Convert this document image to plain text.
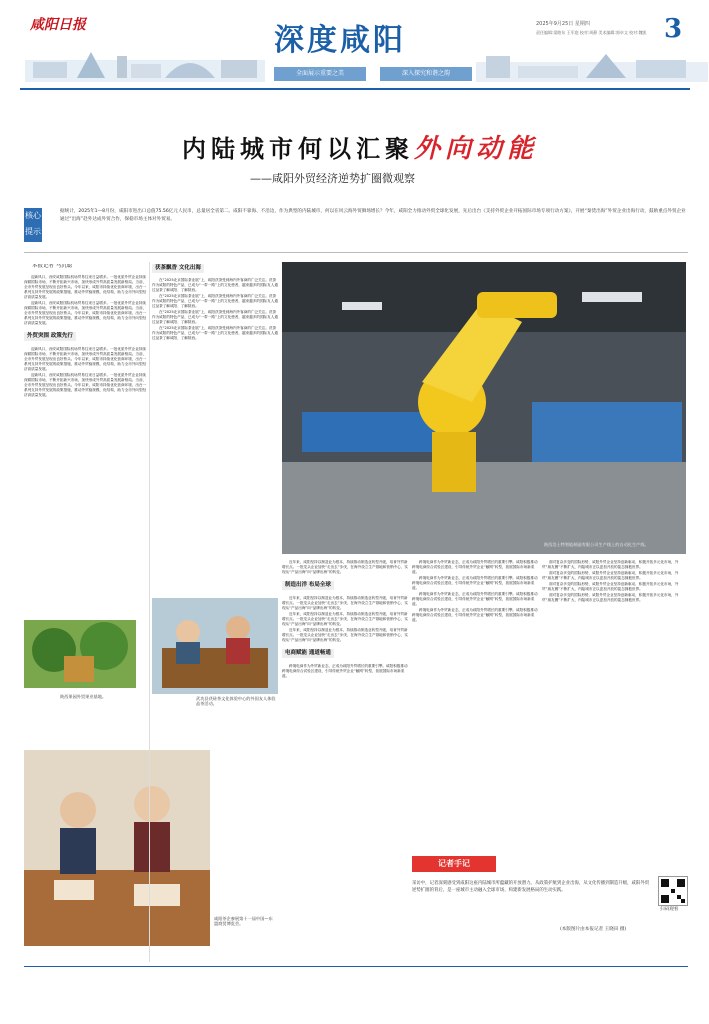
咸阳日报	2025年9月25日 星期四
责任编辑:梁皓东 王军庭 校对:周静 美术编辑:郭卓文 校对:魏凯 3
深度咸阳
全面展示重要之美	深入探究和谐之韵
内陆城市何以汇聚外向动能
——咸阳外贸经济逆势扩圈微观察
核心
提示
据统计，2025年1—8月份，咸阳市进出口总值75.56亿元人民币，总量居全省第二。咸阳不靠海、不沿边，作为典型的内陆城市，何以在风云海外贸舞场增长？今年，咸阳全力推动外贸全球化发展，先后出台《支持外贸企业开拓国际市场专项行动方案》，开展“秦货出海”外贸企业出海行动，鼓励重点外贸企业通过“出海”赴外达成外贸合作，保稳市场主体对外贸易。
本报记者 马沉聪

迎新风口，西安咸阳国际机场贸易往来日益增多。一批优质外贸企业持续深耕国际市场，不断开拓新兴市场，加快形成外贸高质量发展新格局。当前，全市外贸发展呈现出良好势头。今年以来，咸阳市持续优化营商环境，出台一系列支持外贸发展的政策措施，推动外贸稳规模、优结构，助力全市外向型经济高质量发展。

迎新风口，西安咸阳国际机场贸易往来日益增多。一批优质外贸企业持续深耕国际市场，不断开拓新兴市场，加快形成外贸高质量发展新格局。当前，全市外贸发展呈现出良好势头。今年以来，咸阳市持续优化营商环境，出台一系列支持外贸发展的政策措施，推动外贸稳规模、优结构，助力全市外向型经济高质量发展。

外贸突围 政策先行

迎新风口，西安咸阳国际机场贸易往来日益增多。一批优质外贸企业持续深耕国际市场，不断开拓新兴市场，加快形成外贸高质量发展新格局。当前，全市外贸发展呈现出良好势头。今年以来，咸阳市持续优化营商环境，出台一系列支持外贸发展的政策措施，推动外贸稳规模、优结构，助力全市外向型经济高质量发展。

迎新风口，西安咸阳国际机场贸易往来日益增多。一批优质外贸企业持续深耕国际市场，不断开拓新兴市场，加快形成外贸高质量发展新格局。当前，全市外贸发展呈现出良好势头。今年以来，咸阳市持续优化营商环境，出台一系列支持外贸发展的政策措施，推动外贸稳规模、优结构，助力全市外向型经济高质量发展。

茯茶飘香 文化出海

在“2025北京国际茶业展”上，咸阳茯茶受到海内外客商的广泛关注。茯茶作为咸阳的特色产品，已成为“一带一路”上的文化使者，越来越多的国际友人通过品茶了解咸阳、了解陕西。

在“2025北京国际茶业展”上，咸阳茯茶受到海内外客商的广泛关注。茯茶作为咸阳的特色产品，已成为“一带一路”上的文化使者，越来越多的国际友人通过品茶了解咸阳、了解陕西。

在“2025北京国际茶业展”上，咸阳茯茶受到海内外客商的广泛关注。茯茶作为咸阳的特色产品，已成为“一带一路”上的文化使者，越来越多的国际友人通过品茶了解咸阳、了解陕西。

在“2025北京国际茶业展”上，咸阳茯茶受到海内外客商的广泛关注。茯茶作为咸阳的特色产品，已成为“一带一路”上的文化使者，越来越多的国际友人通过品茶了解咸阳、了解陕西。

陕西浩士特智能制造有限公司生产线上的自动化生产线。
陕西果园外贸果业基地。	武功县茯砖茶文化体验中心的外国友人体验品茶活动。
咸阳茶企参展第十一届中国—东盟商贸博览会。

近年来，咸阳坚持以制造业为根本，持续推动制造业转型升级，培育外贸新增长点。一批龙头企业加快“走出去”步伐，在海外设立生产基地和营销中心，实现从“产品出海”向“品牌出海”的转变。

制造出洋 布局全球

近年来，咸阳坚持以制造业为根本，持续推动制造业转型升级，培育外贸新增长点。一批龙头企业加快“走出去”步伐，在海外设立生产基地和营销中心，实现从“产品出海”向“品牌出海”的转变。

近年来，咸阳坚持以制造业为根本，持续推动制造业转型升级，培育外贸新增长点。一批龙头企业加快“走出去”步伐，在海外设立生产基地和营销中心，实现从“产品出海”向“品牌出海”的转变。

近年来，咸阳坚持以制造业为根本，持续推动制造业转型升级，培育外贸新增长点。一批龙头企业加快“走出去”步伐，在海外设立生产基地和营销中心，实现从“产品出海”向“品牌出海”的转变。

电商赋能 通道畅通

跨境电商作为外贸新业态，正成为咸阳外贸增长的重要引擎。咸阳积极推动跨境电商综合试验区建设，引导传统外贸企业“触网”转型，拓展国际市场新渠道。

跨境电商作为外贸新业态，正成为咸阳外贸增长的重要引擎。咸阳积极推动跨境电商综合试验区建设，引导传统外贸企业“触网”转型，拓展国际市场新渠道。

跨境电商作为外贸新业态，正成为咸阳外贸增长的重要引擎。咸阳积极推动跨境电商综合试验区建设，引导传统外贸企业“触网”转型，拓展国际市场新渠道。

跨境电商作为外贸新业态，正成为咸阳外贸增长的重要引擎。咸阳积极推动跨境电商综合试验区建设，引导传统外贸企业“触网”转型，拓展国际市场新渠道。

跨境电商作为外贸新业态，正成为咸阳外贸增长的重要引擎。咸阳积极推动跨境电商综合试验区建设，引导传统外贸企业“触网”转型，拓展国际市场新渠道。

面对复杂多变的国际形势，咸阳外贸企业坚持创新驱动，积极开拓多元化市场，外贸“朋友圈”不断扩大，内陆城市正以更加开放的姿态拥抱世界。

面对复杂多变的国际形势，咸阳外贸企业坚持创新驱动，积极开拓多元化市场，外贸“朋友圈”不断扩大，内陆城市正以更加开放的姿态拥抱世界。

面对复杂多变的国际形势，咸阳外贸企业坚持创新驱动，积极开拓多元化市场，外贸“朋友圈”不断扩大，内陆城市正以更加开放的姿态拥抱世界。

面对复杂多变的国际形势，咸阳外贸企业坚持创新驱动，积极开拓多元化市场，外贸“朋友圈”不断扩大，内陆城市正以更加开放的姿态拥抱世界。

(本版图片由本报记者 王晓田 摄)
记者手记
采访中，记者深刻感受到咸阳这座内陆城市所蕴藏的开放潜力。从政策护航到企业出海，从文化传播到制造升级，咸阳外贸逆势扩圈的背后，是一座城市主动融入全球市场、构建新发展格局的生动实践。
扫码观看
